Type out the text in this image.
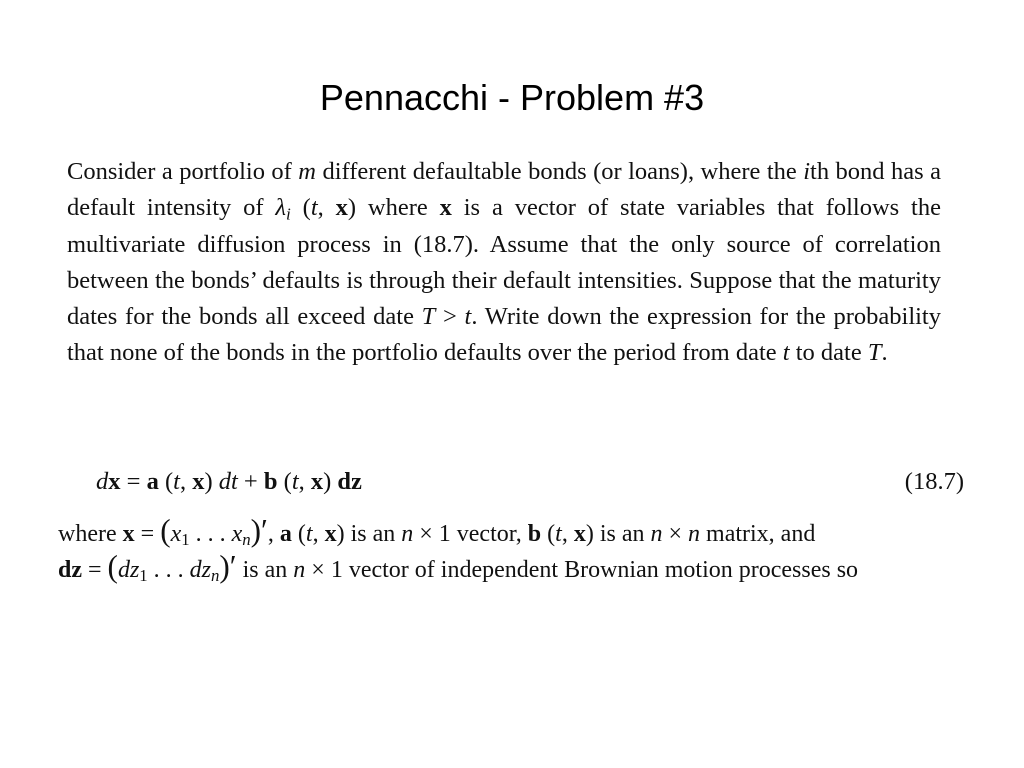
Pennacchi - Problem #3

Consider a portfolio of m different defaultable bonds (or loans), where the ith bond has a default intensity of $\lambda_i$ (t, x) where x is a vector of state variables that follows the multivariate diffusion process in (18.7). Assume that the only source of correlation between the bonds’ defaults is through their default intensities. Suppose that the maturity dates for the bonds all exceed date T > t. Write down the expression for the probability that none of the bonds in the portfolio defaults over the period from date t to date T.

dx = a (t, x) dt + b (t, x) dz	(18.7)

where $x = (x_1$ . . . $x_n)'$, a (t, x) is an n × 1 vector, b (t, x) is an n × n matrix, and
dz = ($dz_1$ . . . $dz_n)'$ is an n × 1 vector of independent Brownian motion processes so
